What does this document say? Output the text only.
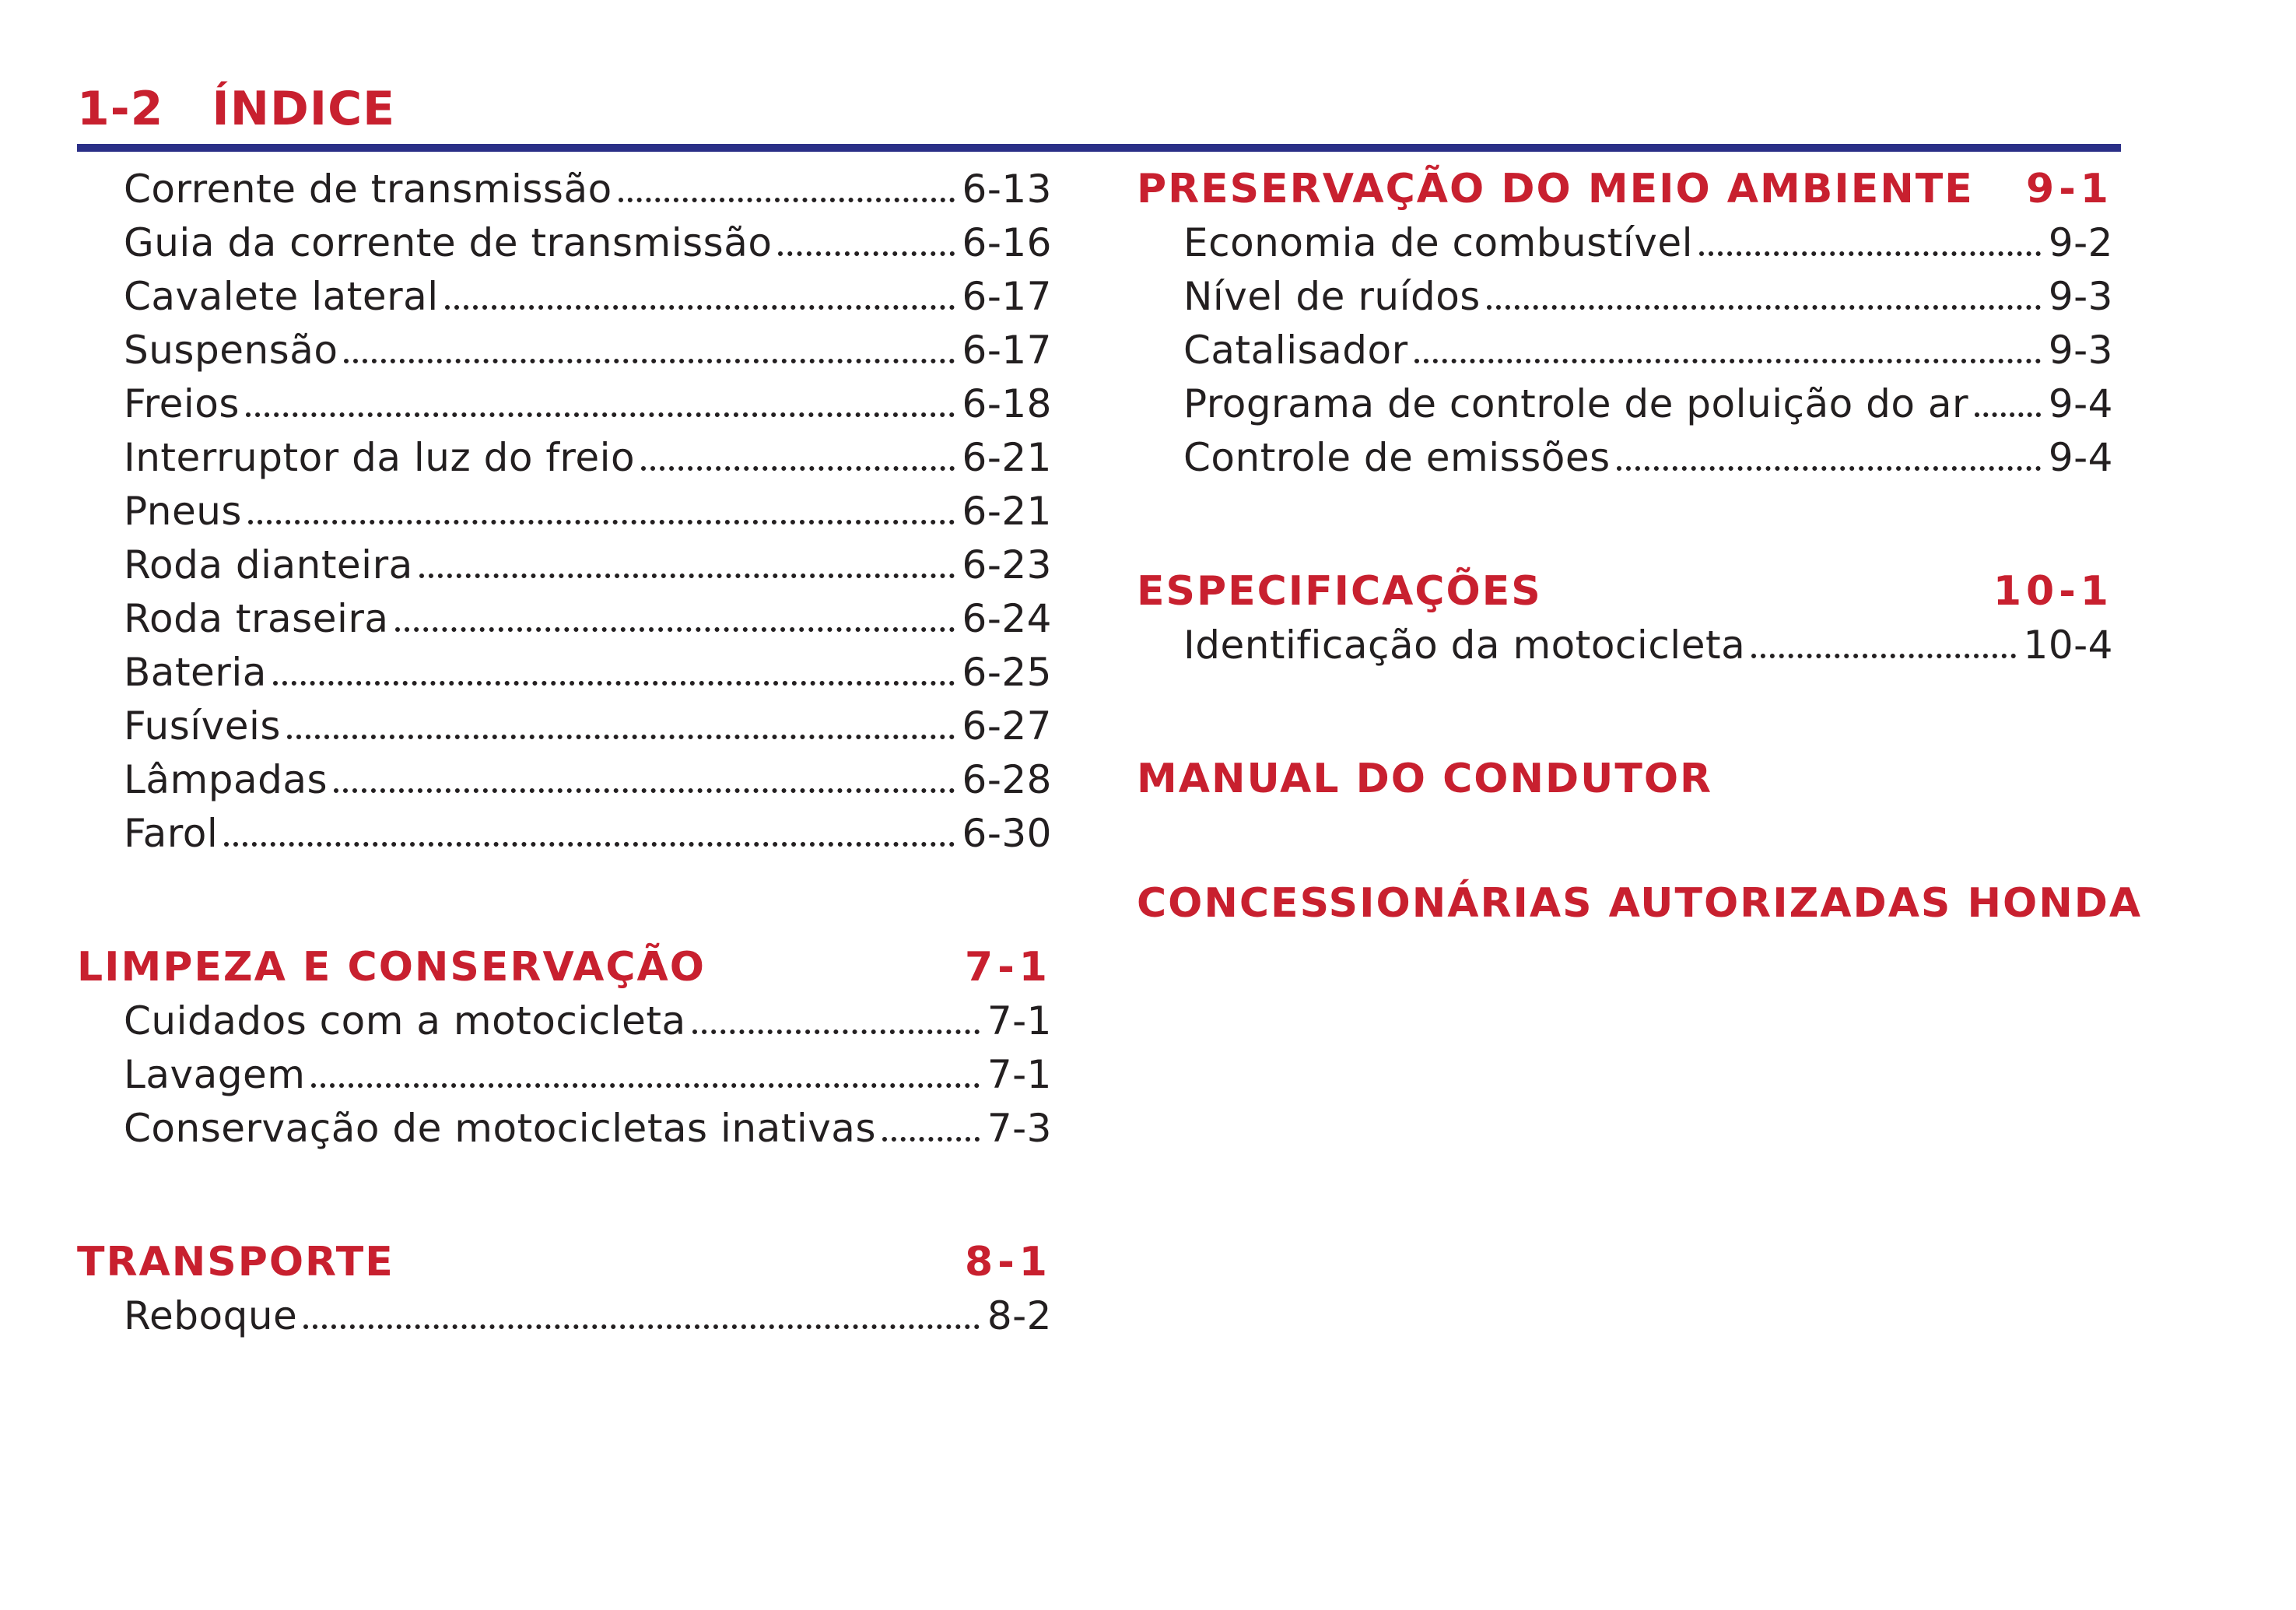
1-2 ÍNDICE
Corrente de transmissão	6-13
Guia da corrente de transmissão	6-16
Cavalete lateral	6-17
Suspensão	6-17
Freios	6-18
Interruptor da luz do freio	6-21
Pneus	6-21
Roda dianteira	6-23
Roda traseira	6-24
Bateria	6-25
Fusíveis	6-27
Lâmpadas	6-28
Farol	6-30
LIMPEZA E CONSERVAÇÃO	7-1
Cuidados com a motocicleta	7-1
Lavagem	7-1
Conservação de motocicletas inativas	7-3
TRANSPORTE	8-1
Reboque	8-2
PRESERVAÇÃO DO MEIO AMBIENTE 9-1
Economia de combustível	9-2
Nível de ruídos	9-3
Catalisador	9-3
Programa de controle de poluição do ar 9-4
Controle de emissões	9-4
ESPECIFICAÇÕES	10-1
Identificação da motocicleta	10-4
MANUAL DO CONDUTOR
CONCESSIONÁRIAS AUTORIZADAS HONDA
